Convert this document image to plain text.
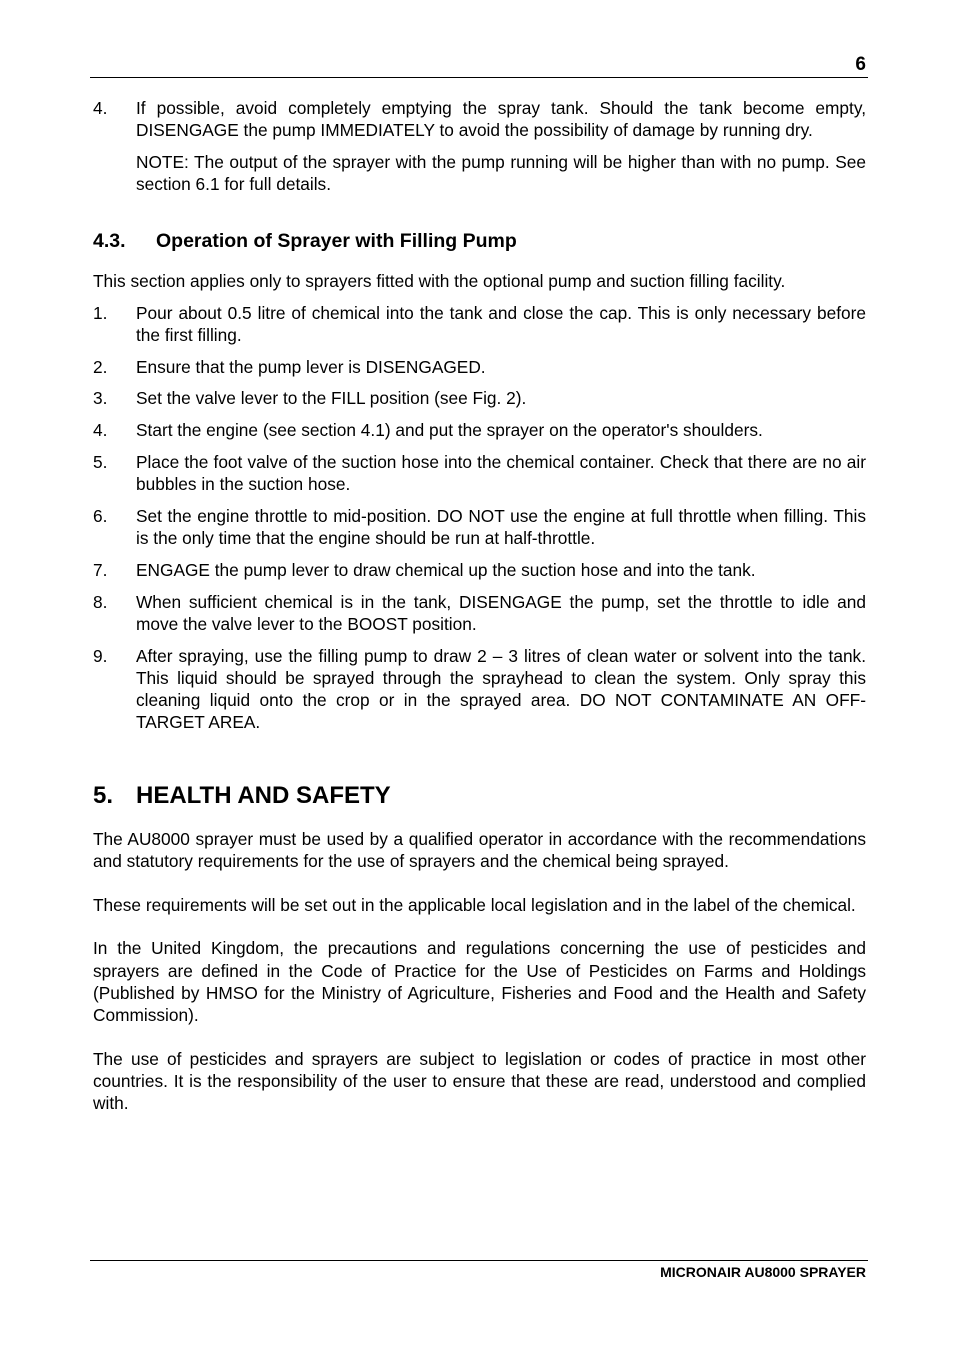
6

4.	If possible, avoid completely emptying the spray tank. Should the tank become empty, DISENGAGE the pump IMMEDIATELY to avoid the possibility of damage by running dry.

NOTE: The output of the sprayer with the pump running will be higher than with no pump. See section 6.1 for full details.

4.3.	Operation of Sprayer with Filling Pump

This section applies only to sprayers fitted with the optional pump and suction filling facility.

1.	Pour about 0.5 litre of chemical into the tank and close the cap. This is only necessary before the first filling.
2.	Ensure that the pump lever is DISENGAGED.
3.	Set the valve lever to the FILL position (see Fig. 2).
4.	Start the engine (see section 4.1) and put the sprayer on the operator's shoulders.
5.	Place the foot valve of the suction hose into the chemical container. Check that there are no air bubbles in the suction hose.
6.	Set the engine throttle to mid-position. DO NOT use the engine at full throttle when filling. This is the only time that the engine should be run at half-throttle.
7.	ENGAGE the pump lever to draw chemical up the suction hose and into the tank.
8.	When sufficient chemical is in the tank, DISENGAGE the pump, set the throttle to idle and move the valve lever to the BOOST position.
9.	After spraying, use the filling pump to draw 2 – 3 litres of clean water or solvent into the tank. This liquid should be sprayed through the sprayhead to clean the system. Only spray this cleaning liquid onto the crop or in the sprayed area. DO NOT CONTAMINATE AN OFF-TARGET AREA.
5. HEALTH AND SAFETY

The AU8000 sprayer must be used by a qualified operator in accordance with the recommendations and statutory requirements for the use of sprayers and the chemical being sprayed.

These requirements will be set out in the applicable local legislation and in the label of the chemical.

In the United Kingdom, the precautions and regulations concerning the use of pesticides and sprayers are defined in the Code of Practice for the Use of Pesticides on Farms and Holdings (Published by HMSO for the Ministry of Agriculture, Fisheries and Food and the Health and Safety Commission).

The use of pesticides and sprayers are subject to legislation or codes of practice in most other countries. It is the responsibility of the user to ensure that these are read, understood and complied with.

MICRONAIR AU8000 SPRAYER
